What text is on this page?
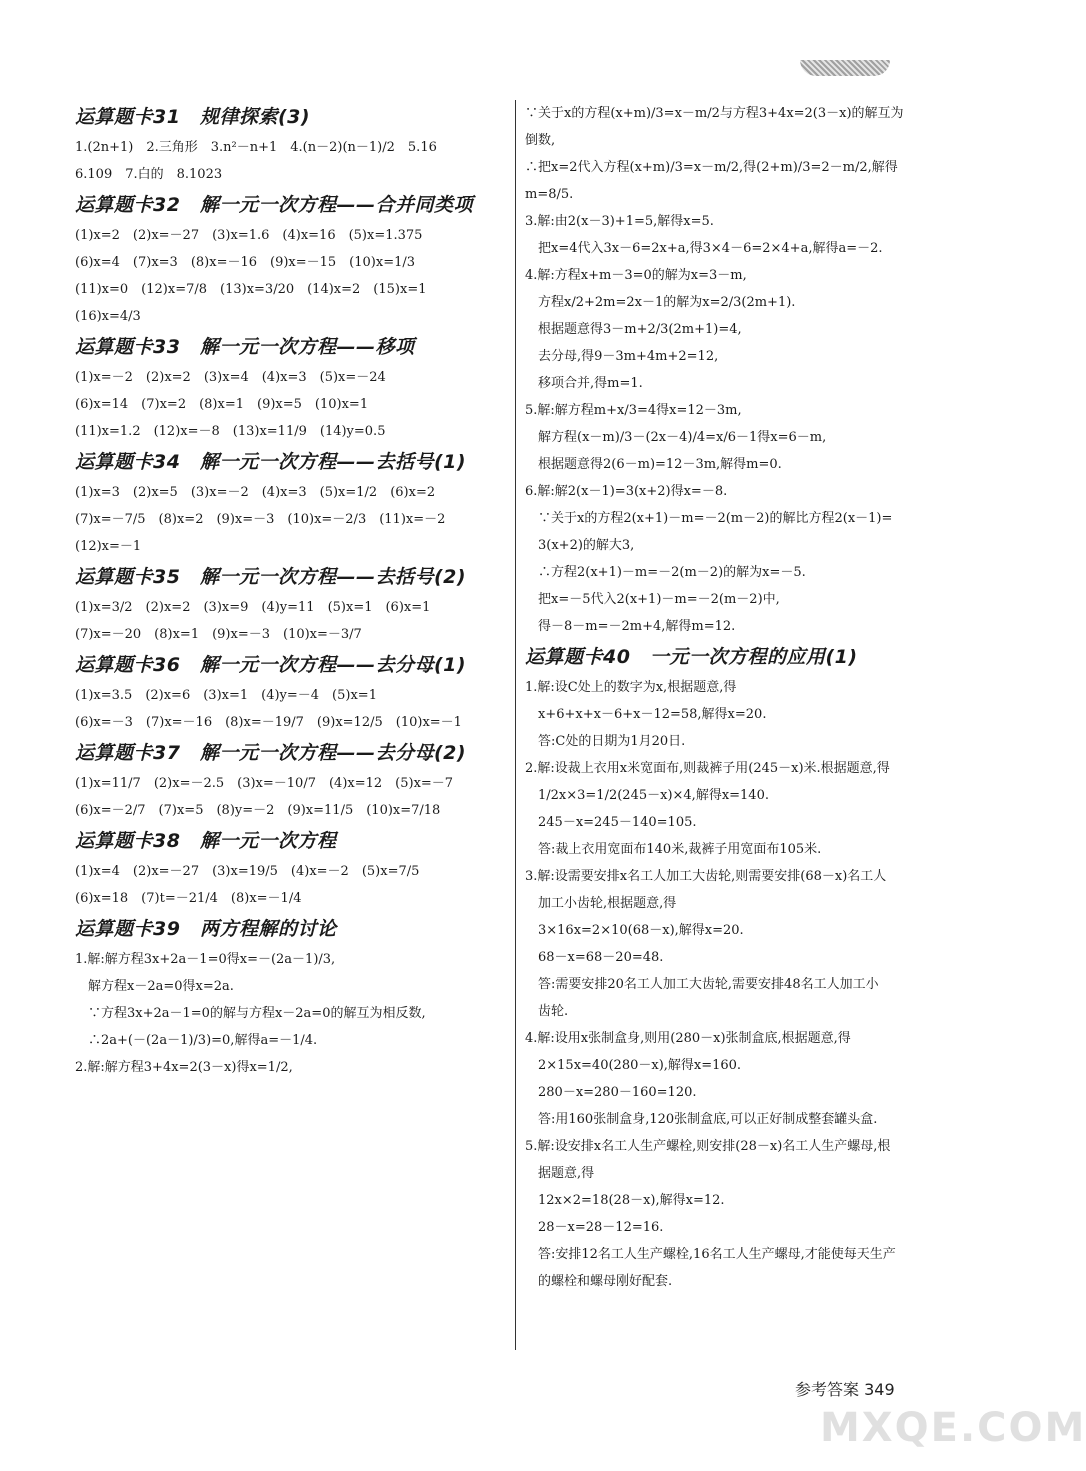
运算题卡31　规律探索(3)
1.(2n+1)　2.三角形　3.n²－n+1　4.(n－2)(n－1)/2　5.16
6.109　7.白的　8.1023
运算题卡32　解一元一次方程——合并同类项
(1)x=2　(2)x=－27　(3)x=1.6　(4)x=16　(5)x=1.375
(6)x=4　(7)x=3　(8)x=－16　(9)x=－15　(10)x=1/3
(11)x=0　(12)x=7/8　(13)x=3/20　(14)x=2　(15)x=1
(16)x=4/3
运算题卡33　解一元一次方程——移项
(1)x=－2　(2)x=2　(3)x=4　(4)x=3　(5)x=－24
(6)x=14　(7)x=2　(8)x=1　(9)x=5　(10)x=1
(11)x=1.2　(12)x=－8　(13)x=11/9　(14)y=0.5
运算题卡34　解一元一次方程——去括号(1)
(1)x=3　(2)x=5　(3)x=－2　(4)x=3　(5)x=1/2　(6)x=2
(7)x=－7/5　(8)x=2　(9)x=－3　(10)x=－2/3　(11)x=－2
(12)x=－1
运算题卡35　解一元一次方程——去括号(2)
(1)x=3/2　(2)x=2　(3)x=9　(4)y=11　(5)x=1　(6)x=1
(7)x=－20　(8)x=1　(9)x=－3　(10)x=－3/7
运算题卡36　解一元一次方程——去分母(1)
(1)x=3.5　(2)x=6　(3)x=1　(4)y=－4　(5)x=1
(6)x=－3　(7)x=－16　(8)x=－19/7　(9)x=12/5　(10)x=－1
运算题卡37　解一元一次方程——去分母(2)
(1)x=11/7　(2)x=－2.5　(3)x=－10/7　(4)x=12　(5)x=－7
(6)x=－2/7　(7)x=5　(8)y=－2　(9)x=11/5　(10)x=7/18
运算题卡38　解一元一次方程
(1)x=4　(2)x=－27　(3)x=19/5　(4)x=－2　(5)x=7/5
(6)x=18　(7)t=－21/4　(8)x=－1/4
运算题卡39　两方程解的讨论
1.解:解方程3x+2a－1=0得x=－(2a－1)/3,
　解方程x－2a=0得x=2a.
　∵方程3x+2a－1=0的解与方程x－2a=0的解互为相反数,
　∴2a+(－(2a－1)/3)=0,解得a=－1/4.
2.解:解方程3+4x=2(3－x)得x=1/2,
∵关于x的方程(x+m)/3=x－m/2与方程3+4x=2(3－x)的解互为
倒数,
∴把x=2代入方程(x+m)/3=x－m/2,得(2+m)/3=2－m/2,解得
m=8/5.
3.解:由2(x－3)+1=5,解得x=5.
　把x=4代入3x－6=2x+a,得3×4－6=2×4+a,解得a=－2.
4.解:方程x+m－3=0的解为x=3－m,
　方程x/2+2m=2x－1的解为x=2/3(2m+1).
　根据题意得3－m+2/3(2m+1)=4,
　去分母,得9－3m+4m+2=12,
　移项合并,得m=1.
5.解:解方程m+x/3=4得x=12－3m,
　解方程(x－m)/3－(2x－4)/4=x/6－1得x=6－m,
　根据题意得2(6－m)=12－3m,解得m=0.
6.解:解2(x－1)=3(x+2)得x=－8.
　∵关于x的方程2(x+1)－m=－2(m－2)的解比方程2(x－1)=
　3(x+2)的解大3,
　∴方程2(x+1)－m=－2(m－2)的解为x=－5.
　把x=－5代入2(x+1)－m=－2(m－2)中,
　得－8－m=－2m+4,解得m=12.
运算题卡40　一元一次方程的应用(1)
1.解:设C处上的数字为x,根据题意,得
　x+6+x+x－6+x－12=58,解得x=20.
　答:C处的日期为1月20日.
2.解:设裁上衣用x米宽面布,则裁裤子用(245－x)米.根据题意,得
　1/2x×3=1/2(245－x)×4,解得x=140.
　245－x=245－140=105.
　答:裁上衣用宽面布140米,裁裤子用宽面布105米.
3.解:设需要安排x名工人加工大齿轮,则需要安排(68－x)名工人
　加工小齿轮,根据题意,得
　3×16x=2×10(68－x),解得x=20.
　68－x=68－20=48.
　答:需要安排20名工人加工大齿轮,需要安排48名工人加工小
　齿轮.
4.解:设用x张制盒身,则用(280－x)张制盒底,根据题意,得
　2×15x=40(280－x),解得x=160.
　280－x=280－160=120.
　答:用160张制盒身,120张制盒底,可以正好制成整套罐头盒.
5.解:设安排x名工人生产螺栓,则安排(28－x)名工人生产螺母,根
　据题意,得
　12x×2=18(28－x),解得x=12.
　28－x=28－12=16.
　答:安排12名工人生产螺栓,16名工人生产螺母,才能使每天生产
　的螺栓和螺母刚好配套.
参考答案 349
MXQE.COM
